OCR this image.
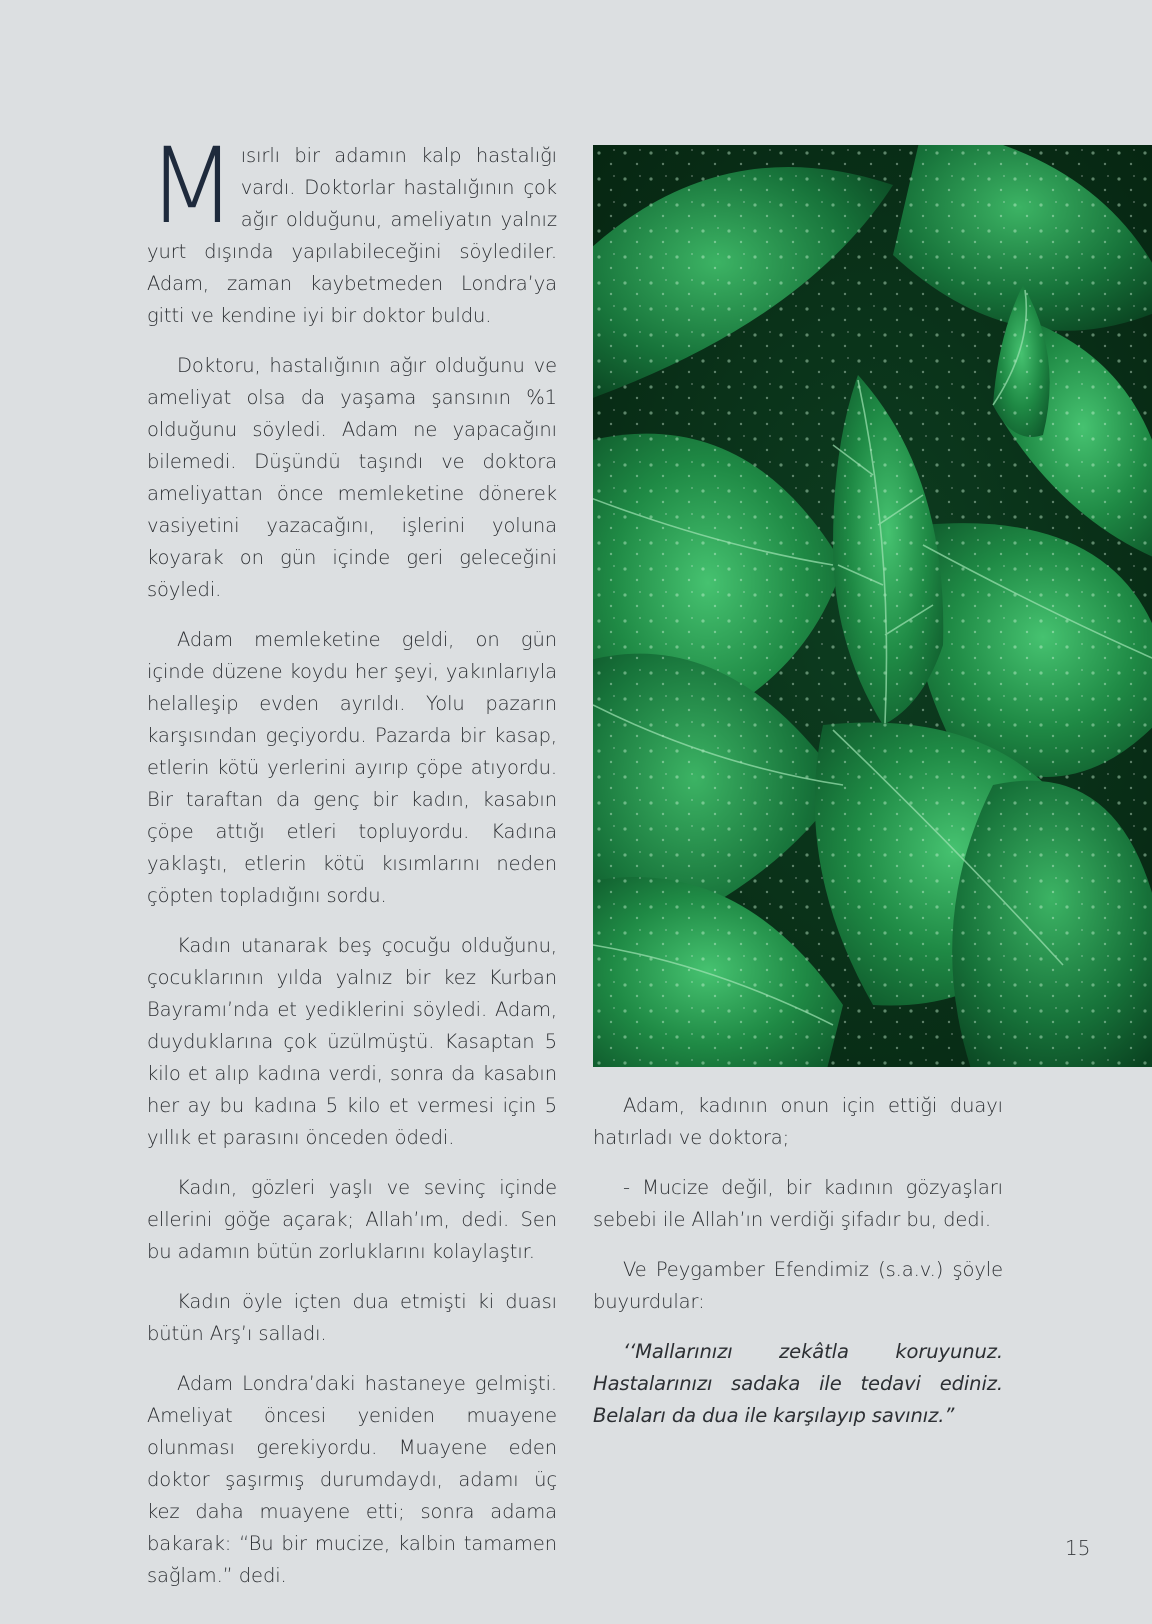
Mısırlı bir adamın kalp hastalığı vardı. Doktorlar hastalığının çok ağır olduğunu, ameliyatın yalnız yurt dışında yapılabileceğini söylediler. Adam, zaman kaybetmeden Londra’ya gitti ve kendine iyi bir doktor buldu.

Doktoru, hastalığının ağır olduğunu ve ameliyat olsa da yaşama şansının %1 olduğunu söyledi. Adam ne yapacağını bilemedi. Düşündü taşındı ve doktora ameliyattan önce memleketine dönerek vasiyetini yazacağını, işlerini yoluna koyarak on gün içinde geri geleceğini söyledi.

Adam memleketine geldi, on gün içinde düzene koydu her şeyi, yakınlarıyla helalleşip evden ayrıldı. Yolu pazarın karşısından geçiyordu. Pazarda bir kasap, etlerin kötü yerlerini ayırıp çöpe atıyordu. Bir taraftan da genç bir kadın, kasabın çöpe attığı etleri topluyordu. Kadına yaklaştı, etlerin kötü kısımlarını neden çöpten topladığını sordu.

Kadın utanarak beş çocuğu olduğunu, çocuklarının yılda yalnız bir kez Kurban Bayramı’nda et yediklerini söyledi. Adam, duyduklarına çok üzülmüştü. Kasaptan 5 kilo et alıp kadına verdi, sonra da kasabın her ay bu kadına 5 kilo et vermesi için 5 yıllık et parasını önceden ödedi.

Kadın, gözleri yaşlı ve sevinç içinde ellerini göğe açarak; Allah’ım, dedi. Sen bu adamın bütün zorluklarını kolaylaştır.

Kadın öyle içten dua etmişti ki duası bütün Arş’ı salladı.

Adam Londra’daki hastaneye gelmişti. Ameliyat öncesi yeniden muayene olunması gerekiyordu. Muayene eden doktor şaşırmış durumdaydı, adamı üç kez daha muayene etti; sonra adama bakarak: “Bu bir mucize, kalbin tamamen sağlam.” dedi.

Adam, kadının onun için ettiği duayı hatırladı ve doktora;

- Mucize değil, bir kadının gözyaşları sebebi ile Allah’ın verdiği şifadır bu, dedi.

Ve Peygamber Efendimiz (s.a.v.) şöyle buyurdular:

‘‘Mallarınızı zekâtla koruyunuz. Hastalarınızı sadaka ile tedavi ediniz. Belaları da dua ile karşılayıp savınız.”

15
